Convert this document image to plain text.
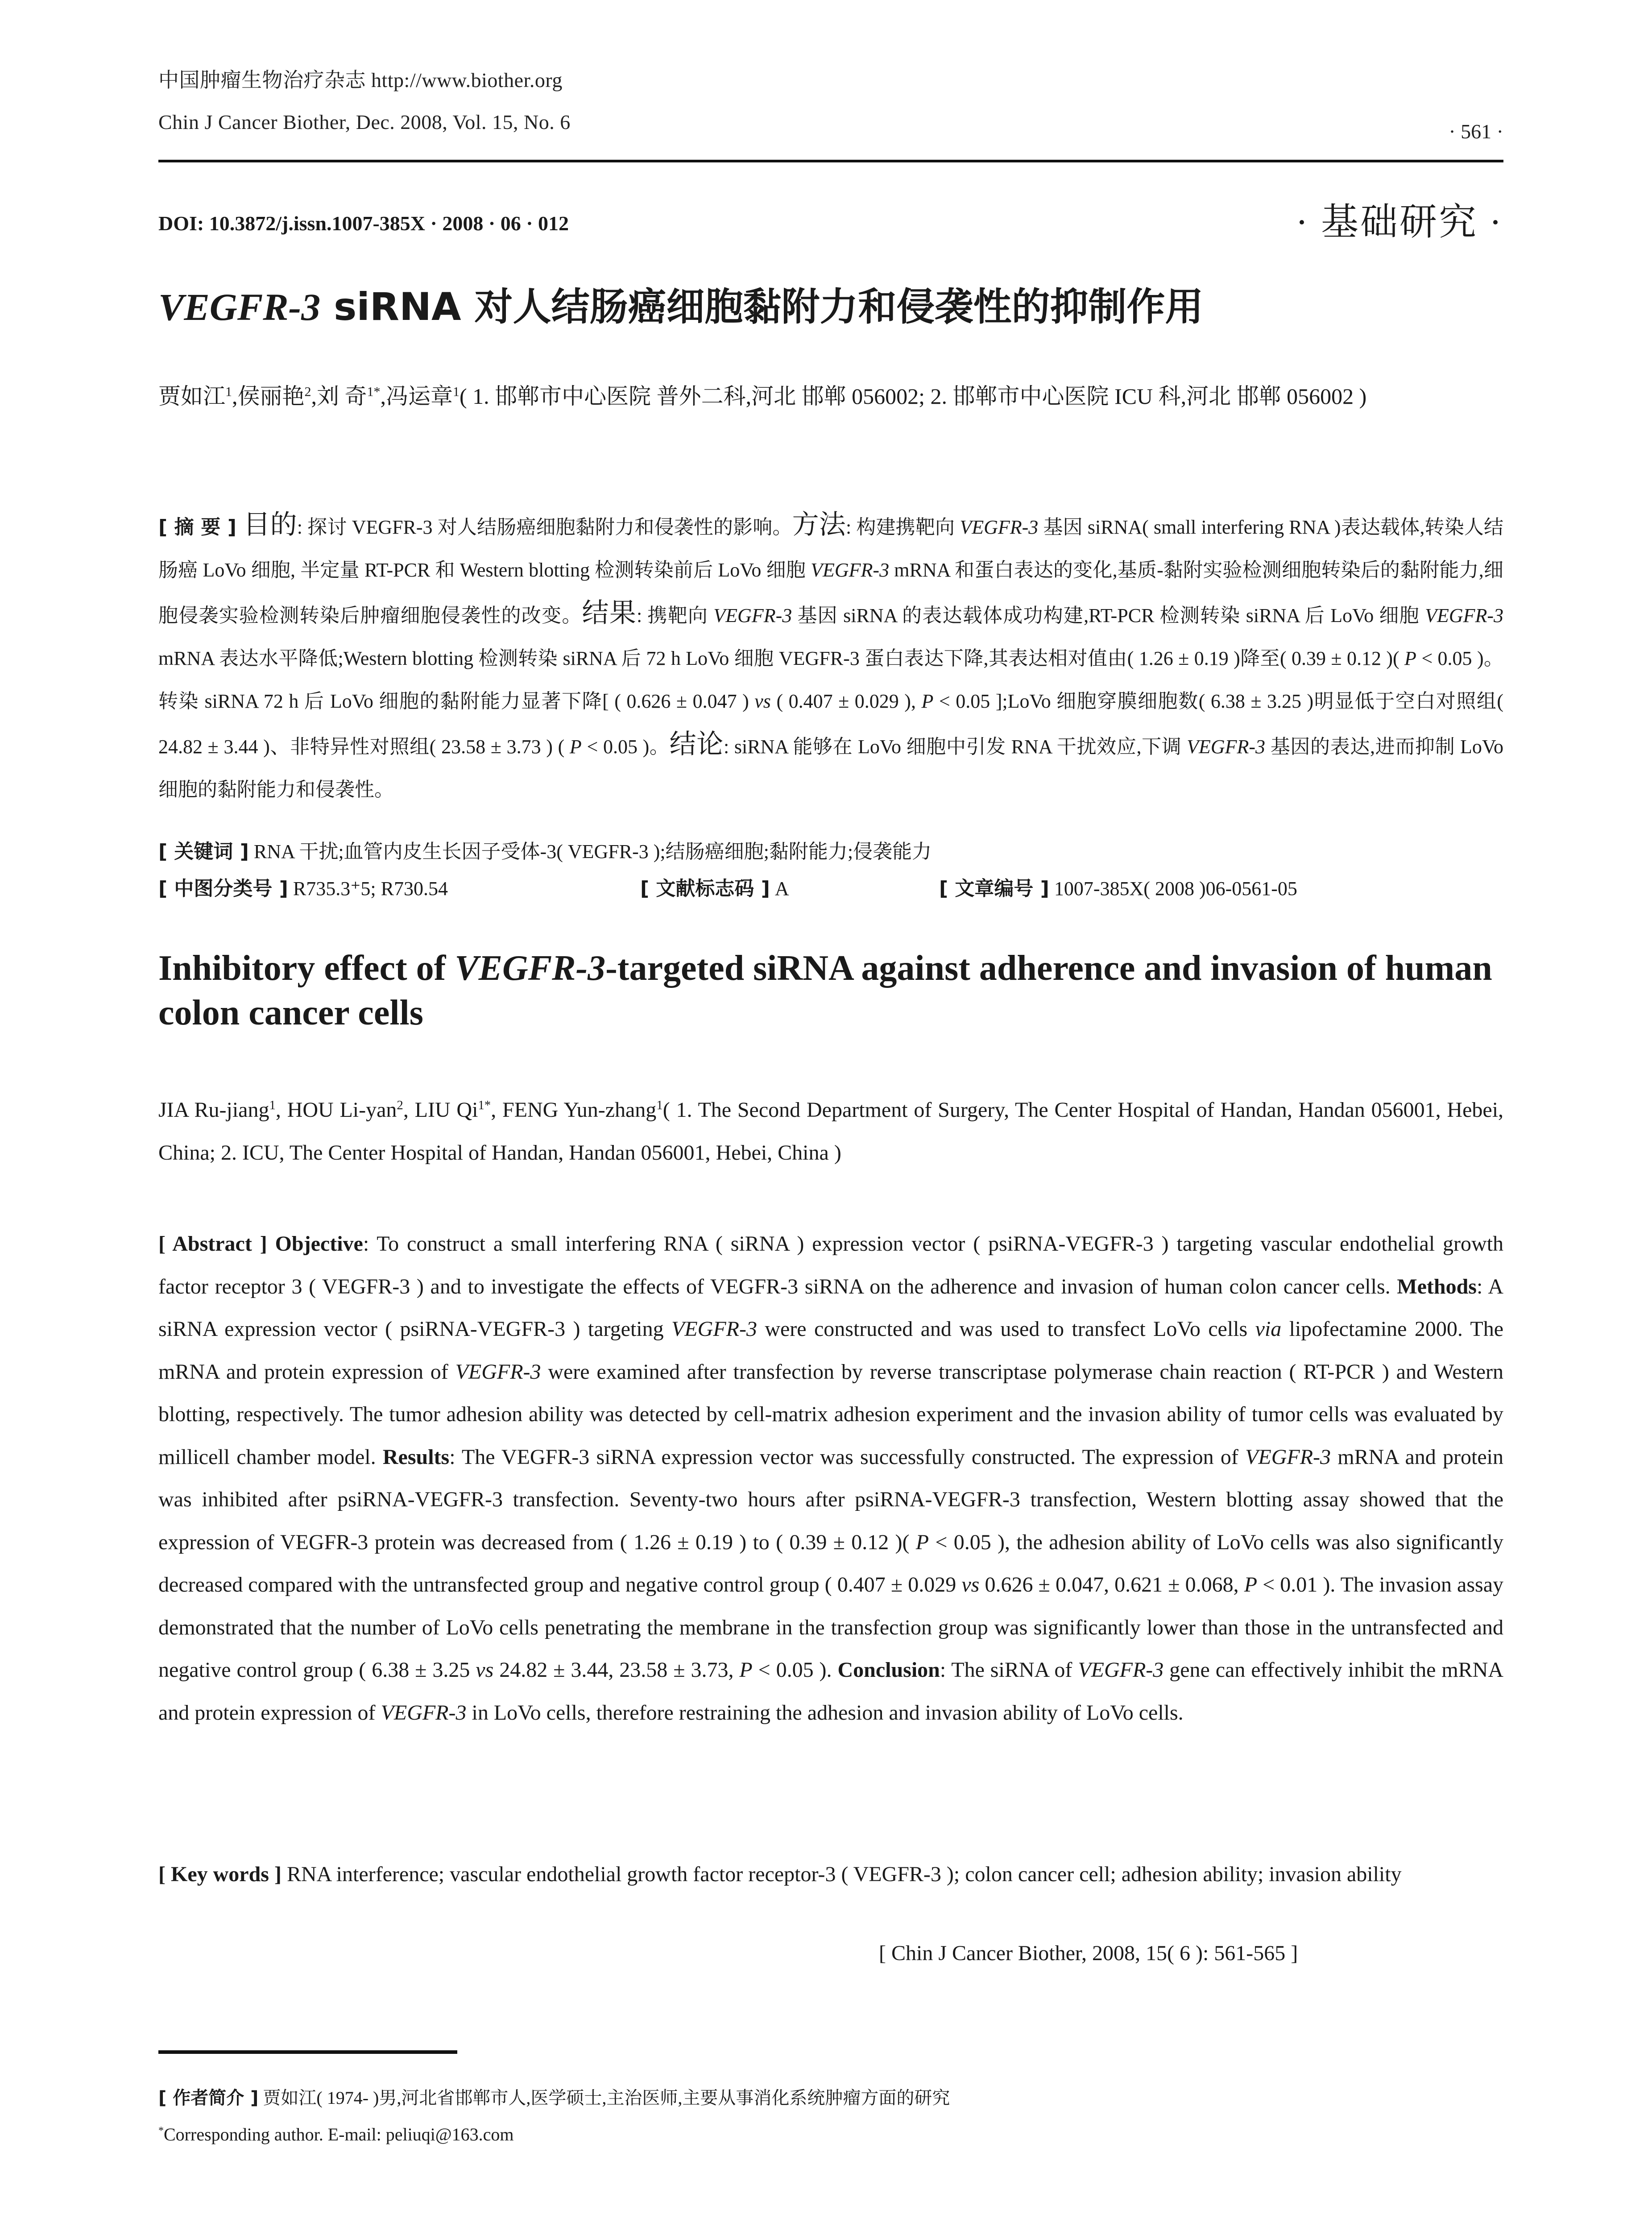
中国肿瘤生物治疗杂志 http://www.biother.org
Chin J Cancer Biother, Dec. 2008, Vol. 15, No. 6	· 561 ·
DOI: 10.3872/j.issn.1007-385X · 2008 · 06 · 012	· 基础研究 ·
VEGFR-3 siRNA 对人结肠癌细胞黏附力和侵袭性的抑制作用
贾如江$^1$,侯丽艳$^2$,刘 奇$^{1*}$,冯运章$^1$( 1. 邯郸市中心医院 普外二科,河北 邯郸 056002; 2. 邯郸市中心医院 ICU 科,河北 邯郸 056002 )
[ 摘 要 ] 目的: 探讨 VEGFR-3 对人结肠癌细胞黏附力和侵袭性的影响。方法: 构建携靶向 VEGFR-3 基因 siRNA( small interfering RNA )表达载体,转染人结肠癌 LoVo 细胞, 半定量 RT-PCR 和 Western blotting 检测转染前后 LoVo 细胞 VEGFR-3 mRNA 和蛋白表达的变化,基质-黏附实验检测细胞转染后的黏附能力,细胞侵袭实验检测转染后肿瘤细胞侵袭性的改变。结果: 携靶向 VEGFR-3 基因 siRNA 的表达载体成功构建,RT-PCR 检测转染 siRNA 后 LoVo 细胞 VEGFR-3 mRNA 表达水平降低;Western blotting 检测转染 siRNA 后 72 h LoVo 细胞 VEGFR-3 蛋白表达下降,其表达相对值由( 1.26 ± 0.19 )降至( 0.39 ± 0.12 )( P < 0.05 )。转染 siRNA 72 h 后 LoVo 细胞的黏附能力显著下降[ ( 0.626 ± 0.047 ) vs ( 0.407 ± 0.029 ), P < 0.05 ];LoVo 细胞穿膜细胞数( 6.38 ± 3.25 )明显低于空白对照组( 24.82 ± 3.44 )、非特异性对照组( 23.58 ± 3.73 ) ( P < 0.05 )。结论: siRNA 能够在 LoVo 细胞中引发 RNA 干扰效应,下调 VEGFR-3 基因的表达,进而抑制 LoVo 细胞的黏附能力和侵袭性。
[ 关键词 ] RNA 干扰;血管内皮生长因子受体-3( VEGFR-3 );结肠癌细胞;黏附能力;侵袭能力
[ 中图分类号 ] R735.3⁺5; R730.54	[ 文献标志码 ] A	[ 文章编号 ] 1007-385X( 2008 )06-0561-05
Inhibitory effect of VEGFR-3-targeted siRNA against adherence and invasion of human colon cancer cells
JIA Ru-jiang$^1$, HOU Li-yan$^2$, LIU $Qi^{1*}$, FENG Yun-zhang$^1$( 1. The Second Department of Surgery, The Center Hospital of Handan, Handan 056001, Hebei, China; 2. ICU, The Center Hospital of Handan, Handan 056001, Hebei, China )
[ Abstract ] Objective: To construct a small interfering RNA ( siRNA ) expression vector ( psiRNA-VEGFR-3 ) targeting vascular endothelial growth factor receptor 3 ( VEGFR-3 ) and to investigate the effects of VEGFR-3 siRNA on the adherence and invasion of human colon cancer cells. Methods: A siRNA expression vector ( psiRNA-VEGFR-3 ) targeting VEGFR-3 were constructed and was used to transfect LoVo cells via lipofectamine 2000. The mRNA and protein expression of VEGFR-3 were examined after transfection by reverse transcriptase polymerase chain reaction ( RT-PCR ) and Western blotting, respectively. The tumor adhesion ability was detected by cell-matrix adhesion experiment and the invasion ability of tumor cells was evaluated by millicell chamber model. Results: The VEGFR-3 siRNA expression vector was successfully constructed. The expression of VEGFR-3 mRNA and protein was inhibited after psiRNA-VEGFR-3 transfection. Seventy-two hours after psiRNA-VEGFR-3 transfection, Western blotting assay showed that the expression of VEGFR-3 protein was decreased from ( 1.26 ± 0.19 ) to ( 0.39 ± 0.12 )( P < 0.05 ), the adhesion ability of LoVo cells was also significantly decreased compared with the untransfected group and negative control group ( 0.407 ± 0.029 vs 0.626 ± 0.047, 0.621 ± 0.068, P < 0.01 ). The invasion assay demonstrated that the number of LoVo cells penetrating the membrane in the transfection group was significantly lower than those in the untransfected and negative control group ( 6.38 ± 3.25 vs 24.82 ± 3.44, 23.58 ± 3.73, P < 0.05 ). Conclusion: The siRNA of VEGFR-3 gene can effectively inhibit the mRNA and protein expression of VEGFR-3 in LoVo cells, therefore restraining the adhesion and invasion ability of LoVo cells.
[ Key words ] RNA interference; vascular endothelial growth factor receptor-3 ( VEGFR-3 ); colon cancer cell; adhesion ability; invasion ability
[ Chin J Cancer Biother, 2008, 15( 6 ): 561-565 ]
[ 作者简介 ] 贾如江( 1974- )男,河北省邯郸市人,医学硕士,主治医师,主要从事消化系统肿瘤方面的研究
*Corresponding author. E-mail: peliuqi@163.com
